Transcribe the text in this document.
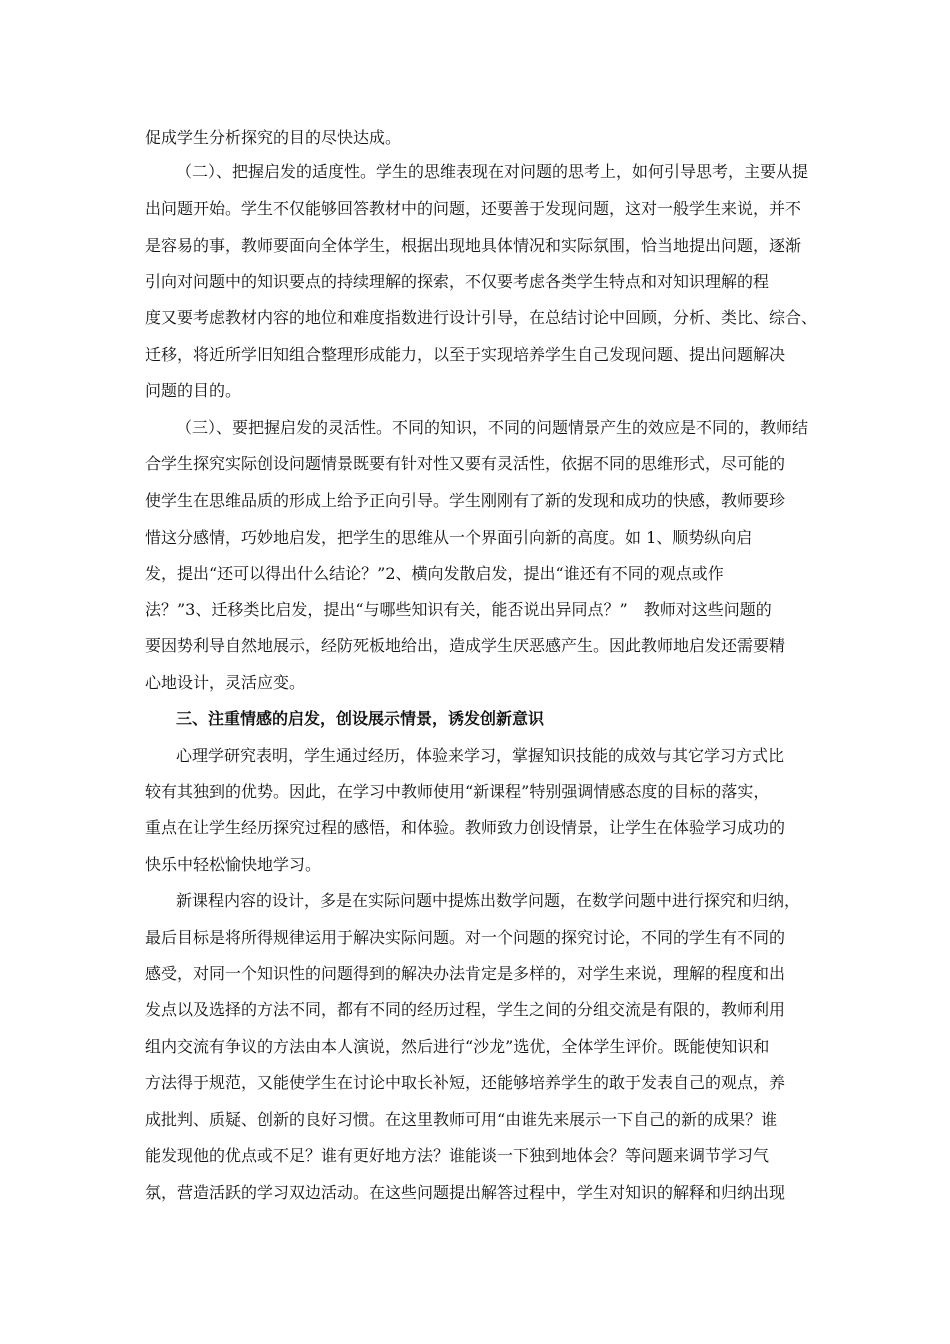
促成学生分析探究的目的尽快达成。
（二）、把握启发的适度性。学生的思维表现在对问题的思考上，如何引导思考，主要从提
出问题开始。学生不仅能够回答教材中的问题，还要善于发现问题，这对一般学生来说，并不
是容易的事，教师要面向全体学生，根据出现地具体情况和实际氛围，恰当地提出问题，逐渐
引向对问题中的知识要点的持续理解的探索，不仅要考虑各类学生特点和对知识理解的程
度又要考虑教材内容的地位和难度指数进行设计引导，在总结讨论中回顾，分析、类比、综合、
迁移，将近所学旧知组合整理形成能力，以至于实现培养学生自己发现问题、提出问题解决
问题的目的。
（三）、要把握启发的灵活性。不同的知识，不同的问题情景产生的效应是不同的，教师结
合学生探究实际创设问题情景既要有针对性又要有灵活性，依据不同的思维形式，尽可能的
使学生在思维品质的形成上给予正向引导。学生刚刚有了新的发现和成功的快感，教师要珍
惜这分感情，巧妙地启发，把学生的思维从一个界面引向新的高度。如 1、顺势纵向启
发，提出“还可以得出什么结论？”2、横向发散启发，提出“谁还有不同的观点或作
法？”3、迁移类比启发，提出“与哪些知识有关，能否说出异同点？”　教师对这些问题的
要因势利导自然地展示，经防死板地给出，造成学生厌恶感产生。因此教师地启发还需要精
心地设计，灵活应变。
三、注重情感的启发，创设展示情景，诱发创新意识
心理学研究表明，学生通过经历，体验来学习，掌握知识技能的成效与其它学习方式比
较有其独到的优势。因此，在学习中教师使用“新课程”特别强调情感态度的目标的落实，
重点在让学生经历探究过程的感悟，和体验。教师致力创设情景，让学生在体验学习成功的
快乐中轻松愉快地学习。
新课程内容的设计，多是在实际问题中提炼出数学问题，在数学问题中进行探究和归纳，
最后目标是将所得规律运用于解决实际问题。对一个问题的探究讨论，不同的学生有不同的
感受，对同一个知识性的问题得到的解决办法肯定是多样的，对学生来说，理解的程度和出
发点以及选择的方法不同，都有不同的经历过程，学生之间的分组交流是有限的，教师利用
组内交流有争议的方法由本人演说，然后进行“沙龙”选优，全体学生评价。既能使知识和
方法得于规范，又能使学生在讨论中取长补短，还能够培养学生的敢于发表自己的观点，养
成批判、质疑、创新的良好习惯。在这里教师可用“由谁先来展示一下自己的新的成果？谁
能发现他的优点或不足？谁有更好地方法？谁能谈一下独到地体会？等问题来调节学习气
氛，营造活跃的学习双边活动。在这些问题提出解答过程中，学生对知识的解释和归纳出现
